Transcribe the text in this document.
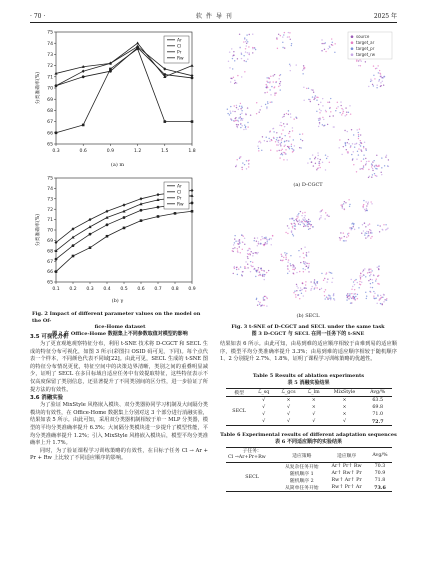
· 70 ·	软 件 导 刊	2025 年
65
66
67
68
69
70
71
72
73
74
75
0.3	0.6	0.9	1.2	1.5	1.8
分类准确率(%)
Ar
Cl
Pr
Rw
(a) m
65
66
67
68
69
70
71
72
73
74
75
0.1 0.2 0.3 0.4 0.5 0.6 0.7 0.8 0.9
分类准确率(%)
Ar
Cl
Pr
Rw
(b) γ
Fig. 2 Impact of different parameter values on the model on the Of-
fice-Home dataset
图 2 在 Office-Home 数据集上不同参数取值对模型的影响
3.5 可视化分析

为了更直观地观察特征分布，利用 t-SNE 技术将 D-CGCT 和 SECL 生成的特征分布可视化，如图 3 所示(彩图扫 OSID 码可见，下同)。每个点代表一个样本，不同颜色代表不同域[22]。由此可见，SECL 生成的 t-SNE 图的特征分布情况更优，特征空间中的决策边界清晰，类别之间的重叠明显减少，证明了 SECL 在多目标域自适应任务中有效提取特征，这些特征表示不仅高度保留了类别信息，还显著提升了不同类别间的区分性，进一步验证了所提方法的有效性。

3.6 消融实验

为了验证 MixStyle 风格嵌入模块、双分类器协同学习机制及大间隔分类模块的有效性，在 Office-Home 数据集上分别对这 3 个部分进行消融实验，结果如表 5 所示。由此可知，采用双分类器机制相较于单一 MLP 分类器，模型的平均分类准确率提升 6.3%；大间隔分类模块进一步提升了模型性能，平均分类准确率提升 1.2%；引入 MixStyle 风格嵌入模块后，模型平均分类准确率上升 1.7%。

同时，为了验证课程学习训练策略的有效性，在目标子任务 Cl → Ar + Pr + Rw 上比较了不同适应顺序的影响。

source
target_ar
target_pr
target_rw
(a) D-CGCT
(b) SECL
Fig. 3 t-SNE of D-CGCT and SECL under the same task
图 3 D-CGCT 与 SECL 在同一任务下的 t-SNE

结果如表 6 所示。由此可知，由易到难的适应顺序相较于由难到易的适应顺序，模型平均分类准确率提升 3.3%；由易到难的适应顺序相较于随机顺序 1、2 分别提升 2.7%、1.8%，证明了课程学习训练策略的优越性。

Table 5 Results of ablation experiments
表 5 消融实验结果
模型	ℒ_sq	ℒ_gcs	ℒ_lm	MixStyle	Avg/%
SECL	√	×	×	×	63.5
	√	√	×	×	69.8
	√	√	√	×	71.0
	√	√	√	√	72.7
Table 6 Experimental results of different adaptation sequences
表 6 不同适应顺序的实验结果
子任务：
Cl →Ar+Pr+Rw	适应策略	适应顺序	Avg/%
SECL	从复杂任务开始	Ar↑ Pr↑ Rw	70.3
	随机顺序 1	Ar↑ Rw↑ Pr	70.9
	随机顺序 2	Rw↑ Ar↑ Pr	71.8
	从简单任务开始	Rw↑ Pr↑ Ar	73.6
